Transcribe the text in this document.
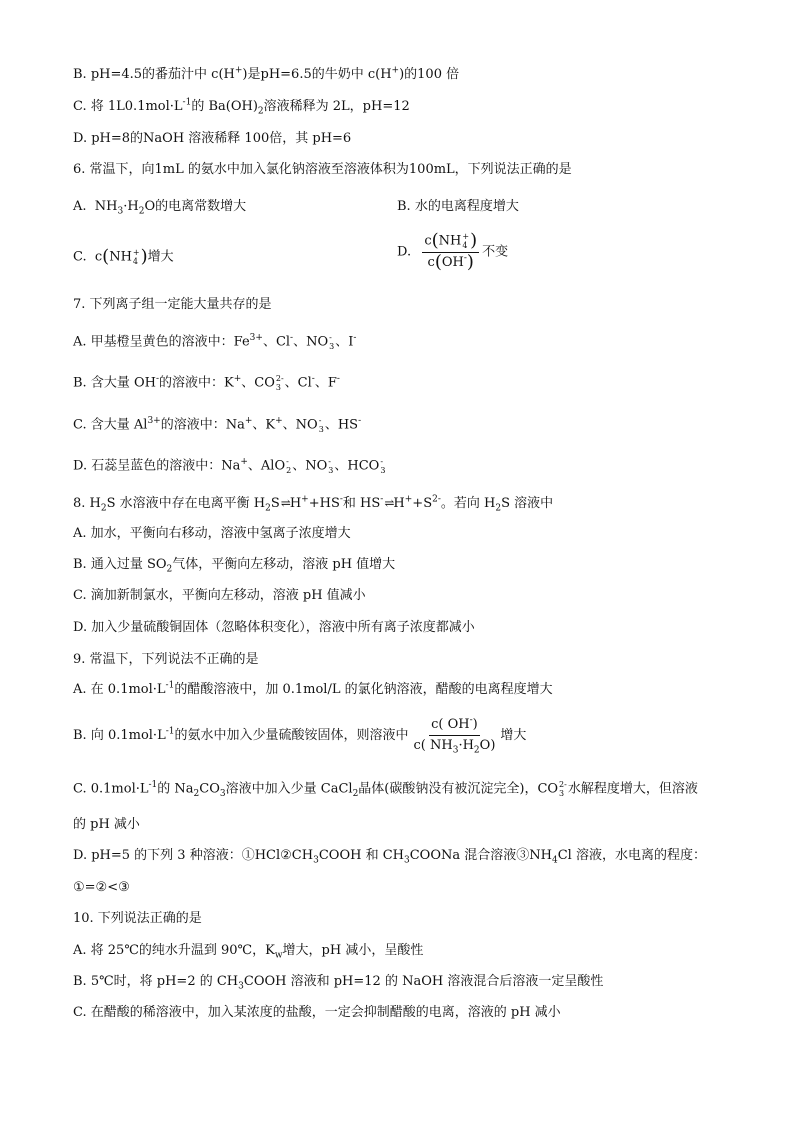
B. pH=4.5的番茄汁中 c(H+)是pH=6.5的牛奶中 c(H+)的100 倍
C. 将 $1L0.1mol\cdot L^{-1}$的 $Ba(OH)_2$溶液稀释为 2L，pH=12
D. pH=8的NaOH 溶液稀释 100倍，其 pH=6
6. 常温下，向1mL 的氨水中加入氯化钠溶液至溶液体积为100mL，下列说法正确的是
A. $NH_3\cdot H_2O$的电离常数增大	B. 水的电离程度增大
C. c(NH +
4 )增大	D. c(NH +
4 )
c(OH-) 不变
7. 下列离子组一定能大量共存的是
A. 甲基橙呈黄色的溶液中：$Fe^{3+}$、Cl-、NO -
3 、I-
B. 含大量 OH-的溶液中：K+、CO 2-
3 、Cl-、F-
C. 含大量 $Al^{3+}$的溶液中：Na+、K+、NO -
3 、HS-
D. 石蕊呈蓝色的溶液中：Na+、AlO -
2 、NO -
3 、HCO -
3
8. $H_2S$ 水溶液中存在电离平衡 $H_2S\rightleftharpoons H^++HS^-$和 $HS^-\rightleftharpoons H^++S^{2-}$。若向 $H_2S$ 溶液中
A. 加水，平衡向右移动，溶液中氢离子浓度增大
B. 通入过量 $SO_2$气体，平衡向左移动，溶液 pH 值增大
C. 滴加新制氯水，平衡向左移动，溶液 pH 值减小
D. 加入少量硫酸铜固体（忽略体积变化），溶液中所有离子浓度都减小
9. 常温下，下列说法不正确的是
A. 在 $0.1mol\cdot L^{-1}$的醋酸溶液中，加 0.1mol/L 的氯化钠溶液，醋酸的电离程度增大
B. 向 $0.1mol\cdot L^{-1}$的氨水中加入少量硫酸铵固体，则溶液中 $\frac{c( OH^-)}{c( NH_3\cdot H_2O)}$ 增大
C. $0.1mol\cdot L^{-1}$的 $Na_2CO_3$溶液中加入少量 CaCl$_2$晶体(碳酸钠没有被沉淀完全)，CO 2-
3 水解程度增大，但溶液
的 pH 减小
D. pH=5 的下列 3 种溶液：$①HCl②CH_3COOH$ 和 $CH_3COONa$ 混合溶液$③NH_4Cl$ 溶液，水电离的程度：
①=②<③
10. 下列说法正确的是
A. 将 25℃的纯水升温到 90℃，$K_w$增大，pH 减小，呈酸性
B. 5℃时，将 pH=2 的 $CH_3COOH$ 溶液和 pH=12 的 NaOH 溶液混合后溶液一定呈酸性
C. 在醋酸的稀溶液中，加入某浓度的盐酸，一定会抑制醋酸的电离，溶液的 pH 减小
